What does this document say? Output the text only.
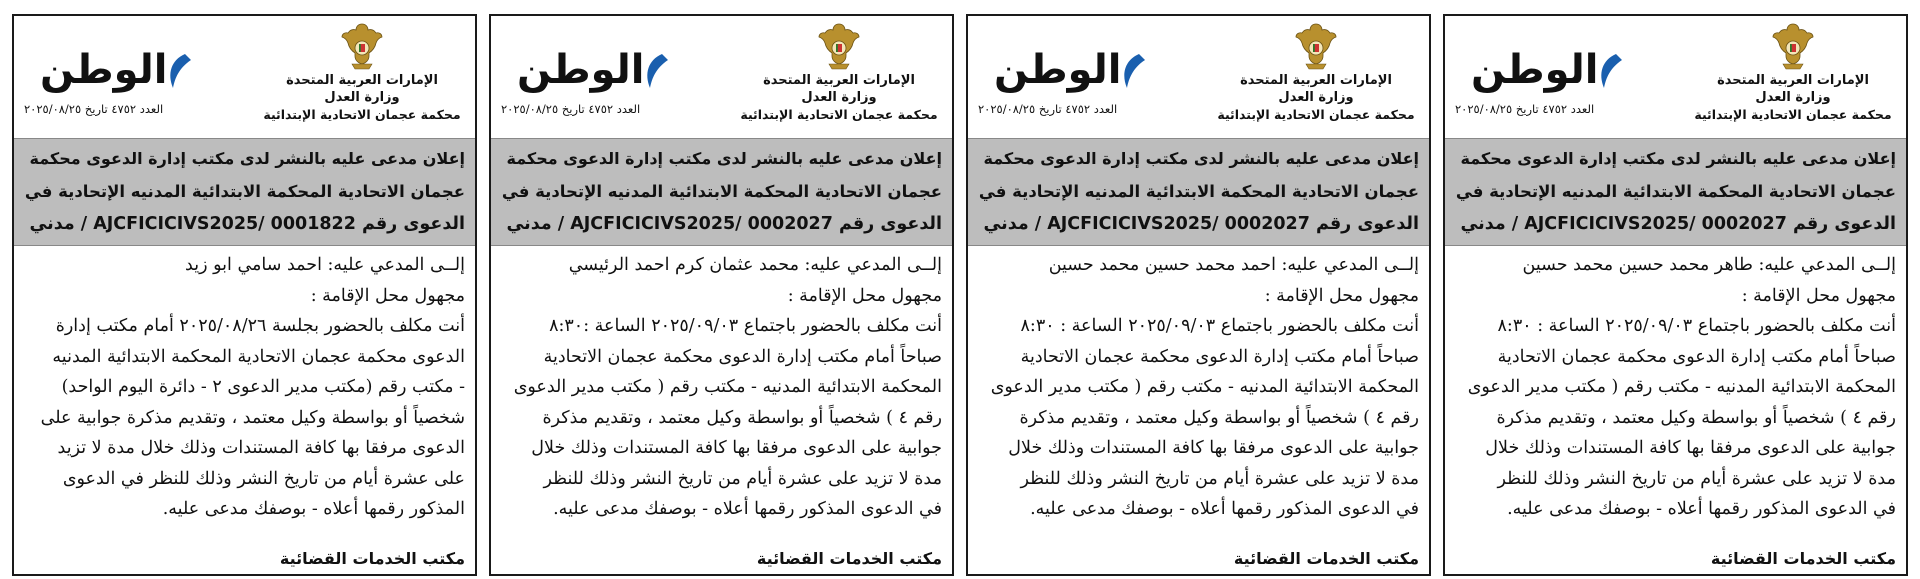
الإمارات العربية المتحدة
وزارة العدل
محكمة عجمان الاتحادية الإبتدائية
الوطن
العدد ٤٧٥٢ تاريخ ٢٠٢٥/٠٨/٢٥
إعلان مدعى عليه بالنشر لدى مكتب إدارة الدعوى محكمة
عجمان الاتحادية المحكمة الابتدائية المدنيه الإتحادية في
الدعوى رقم AJCFICICIVS2025/ 0002027 / مدني
إلــى المدعي عليه: طاهر محمد حسين محمد حسين
مجهول محل الإقامة :
أنت مكلف بالحضور باجتماع ٢٠٢٥/٠٩/٠٣ الساعة : ٨:٣٠
صباحاً أمام مكتب إدارة الدعوى محكمة عجمان الاتحادية
المحكمة الابتدائية المدنيه - مكتب رقم ( مكتب مدير الدعوى
رقم ٤ ) شخصياً أو بواسطة وكيل معتمد ، وتقديم مذكرة
جوابية على الدعوى مرفقا بها كافة المستندات وذلك خلال
مدة لا تزيد على عشرة أيام من تاريخ النشر وذلك للنظر
في الدعوى المذكور رقمها أعلاه - بوصفك مدعى عليه.
مكتب الخدمات القضائية
الإمارات العربية المتحدة
وزارة العدل
محكمة عجمان الاتحادية الإبتدائية
الوطن
العدد ٤٧٥٢ تاريخ ٢٠٢٥/٠٨/٢٥
إعلان مدعى عليه بالنشر لدى مكتب إدارة الدعوى محكمة
عجمان الاتحادية المحكمة الابتدائية المدنيه الإتحادية في
الدعوى رقم AJCFICICIVS2025/ 0002027 / مدني
إلــى المدعي عليه: احمد محمد حسين محمد حسين
مجهول محل الإقامة :
أنت مكلف بالحضور باجتماع ٢٠٢٥/٠٩/٠٣ الساعة : ٨:٣٠
صباحاً أمام مكتب إدارة الدعوى محكمة عجمان الاتحادية
المحكمة الابتدائية المدنيه - مكتب رقم ( مكتب مدير الدعوى
رقم ٤ ) شخصياً أو بواسطة وكيل معتمد ، وتقديم مذكرة
جوابية على الدعوى مرفقا بها كافة المستندات وذلك خلال
مدة لا تزيد على عشرة أيام من تاريخ النشر وذلك للنظر
في الدعوى المذكور رقمها أعلاه - بوصفك مدعى عليه.
مكتب الخدمات القضائية
الإمارات العربية المتحدة
وزارة العدل
محكمة عجمان الاتحادية الإبتدائية
الوطن
العدد ٤٧٥٢ تاريخ ٢٠٢٥/٠٨/٢٥
إعلان مدعى عليه بالنشر لدى مكتب إدارة الدعوى محكمة
عجمان الاتحادية المحكمة الابتدائية المدنيه الإتحادية في
الدعوى رقم AJCFICICIVS2025/ 0002027 / مدني
إلــى المدعي عليه: محمد عثمان كرم احمد الرئيسي
مجهول محل الإقامة :
أنت مكلف بالحضور باجتماع ٢٠٢٥/٠٩/٠٣ الساعة :٨:٣٠
صباحاً أمام مكتب إدارة الدعوى محكمة عجمان الاتحادية
المحكمة الابتدائية المدنيه - مكتب رقم ( مكتب مدير الدعوى
رقم ٤ ) شخصياً أو بواسطة وكيل معتمد ، وتقديم مذكرة
جوابية على الدعوى مرفقا بها كافة المستندات وذلك خلال
مدة لا تزيد على عشرة أيام من تاريخ النشر وذلك للنظر
في الدعوى المذكور رقمها أعلاه - بوصفك مدعى عليه.
مكتب الخدمات القضائية
الإمارات العربية المتحدة
وزارة العدل
محكمة عجمان الاتحادية الإبتدائية
الوطن
العدد ٤٧٥٢ تاريخ ٢٠٢٥/٠٨/٢٥
إعلان مدعى عليه بالنشر لدى مكتب إدارة الدعوى محكمة
عجمان الاتحادية المحكمة الابتدائية المدنيه الإتحادية في
الدعوى رقم AJCFICICIVS2025/ 0001822 / مدني
إلــى المدعي عليه: احمد سامي ابو زيد
مجهول محل الإقامة :
أنت مكلف بالحضور بجلسة ٢٠٢٥/٠٨/٢٦ أمام مكتب إدارة
الدعوى محكمة عجمان الاتحادية المحكمة الابتدائية المدنيه
- مكتب رقم (مكتب مدير الدعوى ٢ - دائرة اليوم الواحد)
شخصياً أو بواسطة وكيل معتمد ، وتقديم مذكرة جوابية على
الدعوى مرفقا بها كافة المستندات وذلك خلال مدة لا تزيد
على عشرة أيام من تاريخ النشر وذلك للنظر في الدعوى
المذكور رقمها أعلاه - بوصفك مدعى عليه.
مكتب الخدمات القضائية
